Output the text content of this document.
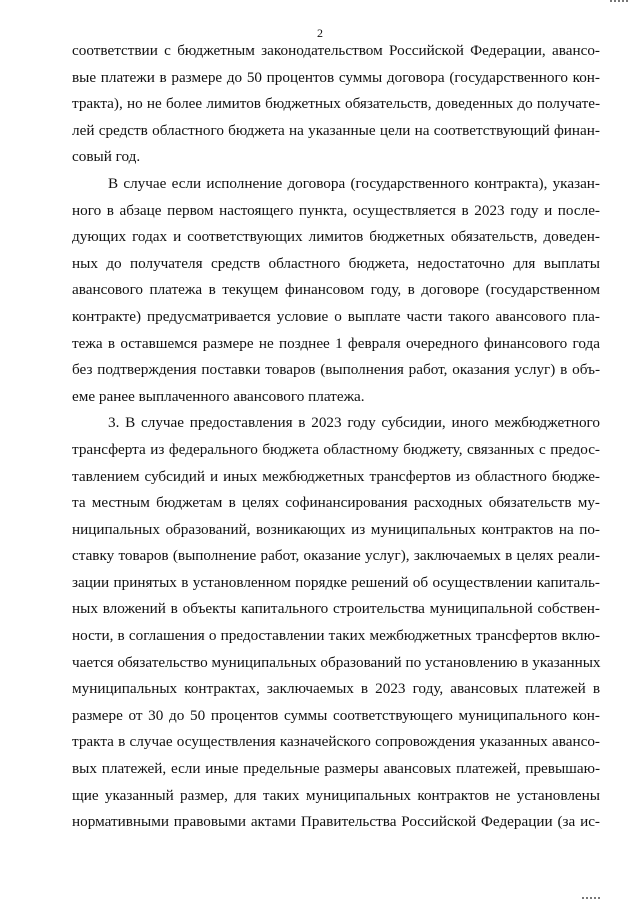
2
соответствии с бюджетным законодательством Российской Федерации, аванco-
вые платежи в размере до 50 процентов суммы договора (государственного кон-
тракта), но не более лимитов бюджетных обязательств, доведенных до получате-
лей средств областного бюджета на указанные цели на соответствующий финан-
совый год.
В случае если исполнение договора (государственного контракта), указан-
ного в абзаце первом настоящего пункта, осуществляется в 2023 году и после-
дующих годах и соответствующих лимитов бюджетных обязательств, доведен-
ных до получателя средств областного бюджета, недостаточно для выплаты
авансового платежа в текущем финансовом году, в договоре (государственном
контракте) предусматривается условие о выплате части такого авансового пла-
тежа в оставшемся размере не позднее 1 февраля очередного финансового года
без подтверждения поставки товаров (выполнения работ, оказания услуг) в объ-
еме ранее выплаченного авансового платежа.
3. В случае предоставления в 2023 году субсидии, иного межбюджетного
трансферта из федерального бюджета областному бюджету, связанных с предос-
тавлением субсидий и иных межбюджетных трансфертов из областного бюдже-
та местным бюджетам в целях софинансирования расходных обязательств му-
ниципальных образований, возникающих из муниципальных контрактов на по-
ставку товаров (выполнение работ, оказание услуг), заключаемых в целях реали-
зации принятых в установленном порядке решений об осуществлении капиталь-
ных вложений в объекты капитального строительства муниципальной собствен-
ности, в соглашения о предоставлении таких межбюджетных трансфертов вклю-
чается обязательство муниципальных образований по установлению в указанных
муниципальных контрактах, заключаемых в 2023 году, авансовых платежей в
размере от 30 до 50 процентов суммы соответствующего муниципального кон-
тракта в случае осуществления казначейского сопровождения указанных аванco-
вых платежей, если иные предельные размеры авансовых платежей, превышаю-
щие указанный размер, для таких муниципальных контрактов не установлены
нормативными правовыми актами Правительства Российской Федерации (за ис-
